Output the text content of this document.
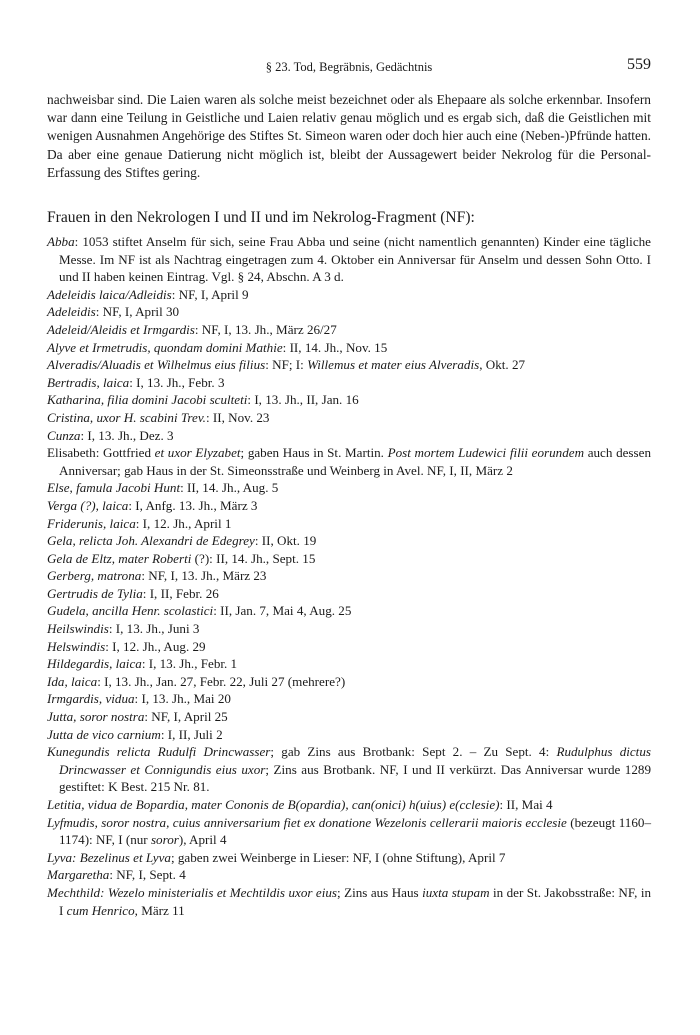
§ 23. Tod, Begräbnis, Gedächtnis	559

nachweisbar sind. Die Laien waren als solche meist bezeichnet oder als Ehepaare als solche erkennbar. Insofern war dann eine Teilung in Geistliche und Laien relativ genau möglich und es ergab sich, daß die Geistlichen mit wenigen Ausnahmen Angehörige des Stiftes St. Simeon waren oder doch hier auch eine (Neben-)Pfründe hatten. Da aber eine genaue Datierung nicht möglich ist, bleibt der Aussagewert beider Nekrolog für die Personal-Erfassung des Stiftes gering.

Frauen in den Nekrologen I und II und im Nekrolog-Fragment (NF):

Abba: 1053 stiftet Anselm für sich, seine Frau Abba und seine (nicht namentlich genannten) Kinder eine tägliche Messe. Im NF ist als Nachtrag eingetragen zum 4. Oktober ein Anniversar für Anselm und dessen Sohn Otto. I und II haben keinen Eintrag. Vgl. § 24, Abschn. A 3 d.

Adeleidis laica/Adleidis: NF, I, April 9

Adeleidis: NF, I, April 30

Adeleid/Aleidis et Irmgardis: NF, I, 13. Jh., März 26/27

Alyve et Irmetrudis, quondam domini Mathie: II, 14. Jh., Nov. 15

Alveradis/Aluadis et Wilhelmus eius filius: NF; I: Willemus et mater eius Alveradis, Okt. 27

Bertradis, laica: I, 13. Jh., Febr. 3

Katharina, filia domini Jacobi sculteti: I, 13. Jh., II, Jan. 16

Cristina, uxor H. scabini Trev.: II, Nov. 23

Cunza: I, 13. Jh., Dez. 3

Elisabeth: Gottfried et uxor Elyzabet; gaben Haus in St. Martin. Post mortem Ludewici filii eorundem auch dessen Anniversar; gab Haus in der St. Simeonsstraße und Weinberg in Avel. NF, I, II, März 2

Else, famula Jacobi Hunt: II, 14. Jh., Aug. 5

Verga (?), laica: I, Anfg. 13. Jh., März 3

Friderunis, laica: I, 12. Jh., April 1

Gela, relicta Joh. Alexandri de Edegrey: II, Okt. 19

Gela de Eltz, mater Roberti (?): II, 14. Jh., Sept. 15

Gerberg, matrona: NF, I, 13. Jh., März 23

Gertrudis de Tylia: I, II, Febr. 26

Gudela, ancilla Henr. scolastici: II, Jan. 7, Mai 4, Aug. 25

Heilswindis: I, 13. Jh., Juni 3

Helswindis: I, 12. Jh., Aug. 29

Hildegardis, laica: I, 13. Jh., Febr. 1

Ida, laica: I, 13. Jh., Jan. 27, Febr. 22, Juli 27 (mehrere?)

Irmgardis, vidua: I, 13. Jh., Mai 20

Jutta, soror nostra: NF, I, April 25

Jutta de vico carnium: I, II, Juli 2

Kunegundis relicta Rudulfi Drincwasser; gab Zins aus Brotbank: Sept 2. – Zu Sept. 4: Rudulphus dictus Drincwasser et Connigundis eius uxor; Zins aus Brotbank. NF, I und II verkürzt. Das Anniversar wurde 1289 gestiftet: K Best. 215 Nr. 81.

Letitia, vidua de Bopardia, mater Cononis de B(opardia), can(onici) h(uius) e(cclesie): II, Mai 4

Lyfmudis, soror nostra, cuius anniversarium fiet ex donatione Wezelonis cellerarii maioris ecclesie (bezeugt 1160–1174): NF, I (nur soror), April 4

Lyva: Bezelinus et Lyva; gaben zwei Weinberge in Lieser: NF, I (ohne Stiftung), April 7

Margaretha: NF, I, Sept. 4

Mechthild: Wezelo ministerialis et Mechtildis uxor eius; Zins aus Haus iuxta stupam in der St. Jakobsstraße: NF, in I cum Henrico, März 11
